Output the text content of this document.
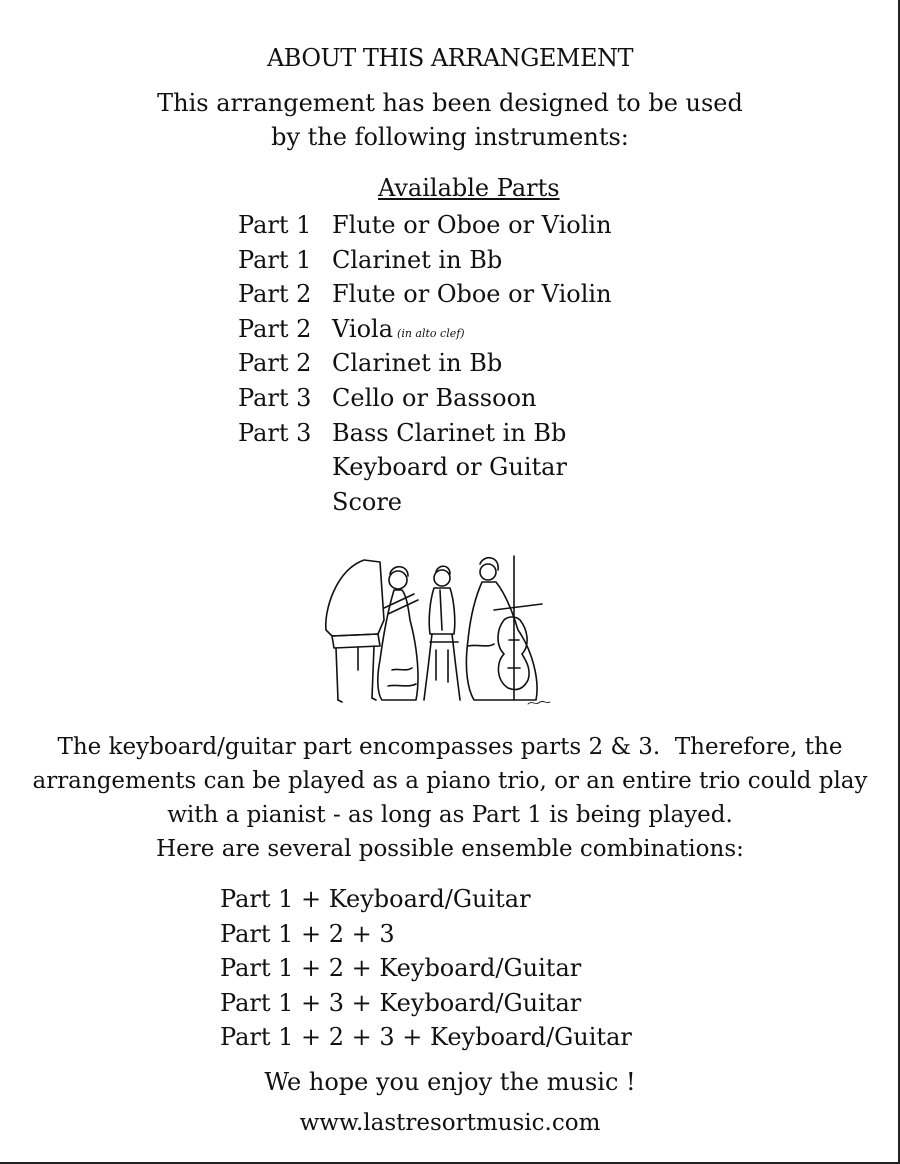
ABOUT THIS ARRANGEMENT
This arrangement has been designed to be used
by the following instruments:
Available Parts
Part 1 Flute or Oboe or Violin
Part 1 Clarinet in Bb
Part 2 Flute or Oboe or Violin
Part 2 Viola (in alto clef)
Part 2 Clarinet in Bb
Part 3 Cello or Bassoon
Part 3 Bass Clarinet in Bb
Keyboard or Guitar
Score
The keyboard/guitar part encompasses parts 2 & 3.  Therefore, the
arrangements can be played as a piano trio, or an entire trio could play
with a pianist - as long as Part 1 is being played.
Here are several possible ensemble combinations:
Part 1 + Keyboard/Guitar
Part 1 + 2 + 3
Part 1 + 2 + Keyboard/Guitar
Part 1 + 3 + Keyboard/Guitar
Part 1 + 2 + 3 + Keyboard/Guitar
We hope you enjoy the music !
www.lastresortmusic.com
